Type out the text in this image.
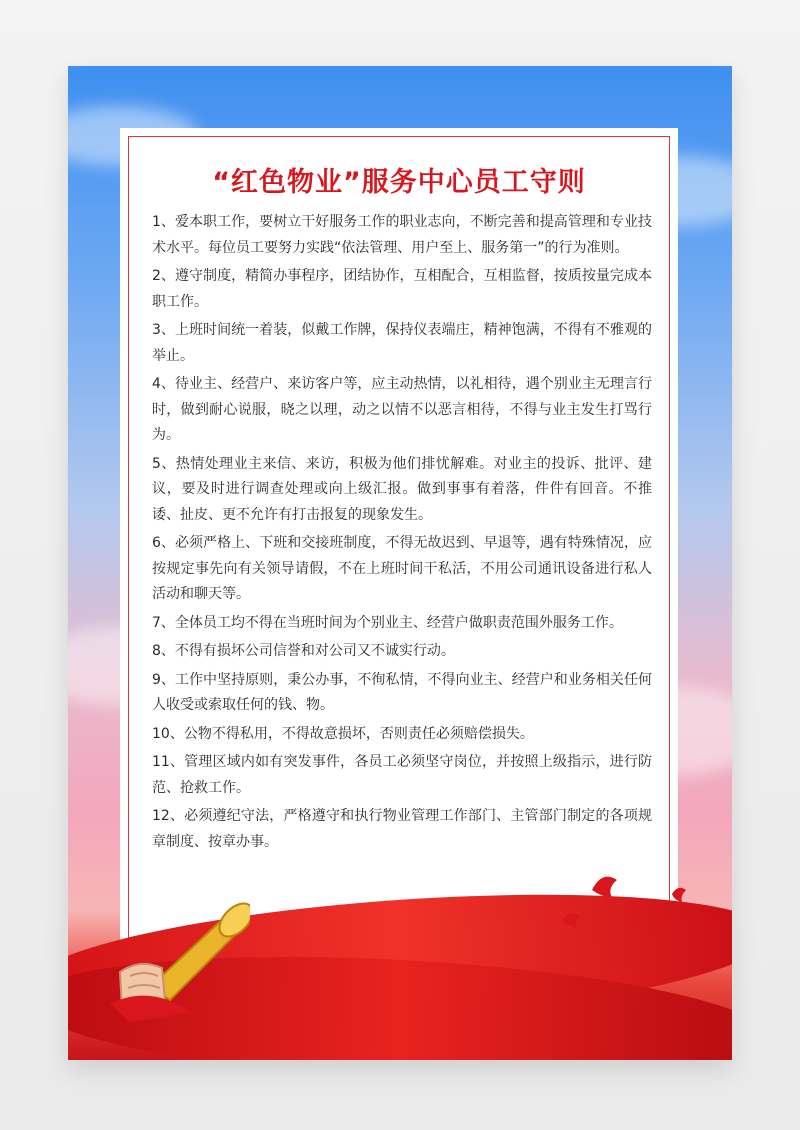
“红色物业”服务中心员工守则
1、爱本职工作，要树立干好服务工作的职业志向，不断完善和提高管理和专业技术水平。每位员工要努力实践“依法管理、用户至上、服务第一”的行为准则。
2、遵守制度，精简办事程序，团结协作，互相配合，互相监督，按质按量完成本职工作。
3、上班时间统一着装，似戴工作牌，保持仪表端庄，精神饱满，不得有不雅观的举止。
4、待业主、经营户、来访客户等，应主动热情，以礼相待，遇个别业主无理言行时，做到耐心说服，晓之以理，动之以情不以恶言相待，不得与业主发生打骂行为。
5、热情处理业主来信、来访，积极为他们排忧解难。对业主的投诉、批评、建议，要及时进行调查处理或向上级汇报。做到事事有着落，件件有回音。不推诿、扯皮、更不允许有打击报复的现象发生。
6、必须严格上、下班和交接班制度，不得无故迟到、早退等，遇有特殊情况，应按规定事先向有关领导请假，不在上班时间干私活，不用公司通讯设备进行私人活动和聊天等。
7、全体员工均不得在当班时间为个别业主、经营户做职责范围外服务工作。
8、不得有损坏公司信誉和对公司又不诚实行动。
9、工作中坚持原则，秉公办事，不徇私情，不得向业主、经营户和业务相关任何人收受或索取任何的钱、物。
10、公物不得私用，不得故意损坏，否则责任必须赔偿损失。
11、管理区域内如有突发事件，各员工必须坚守岗位，并按照上级指示，进行防范、抢救工作。
12、必须遵纪守法，严格遵守和执行物业管理工作部门、主管部门制定的各项规章制度、按章办事。
